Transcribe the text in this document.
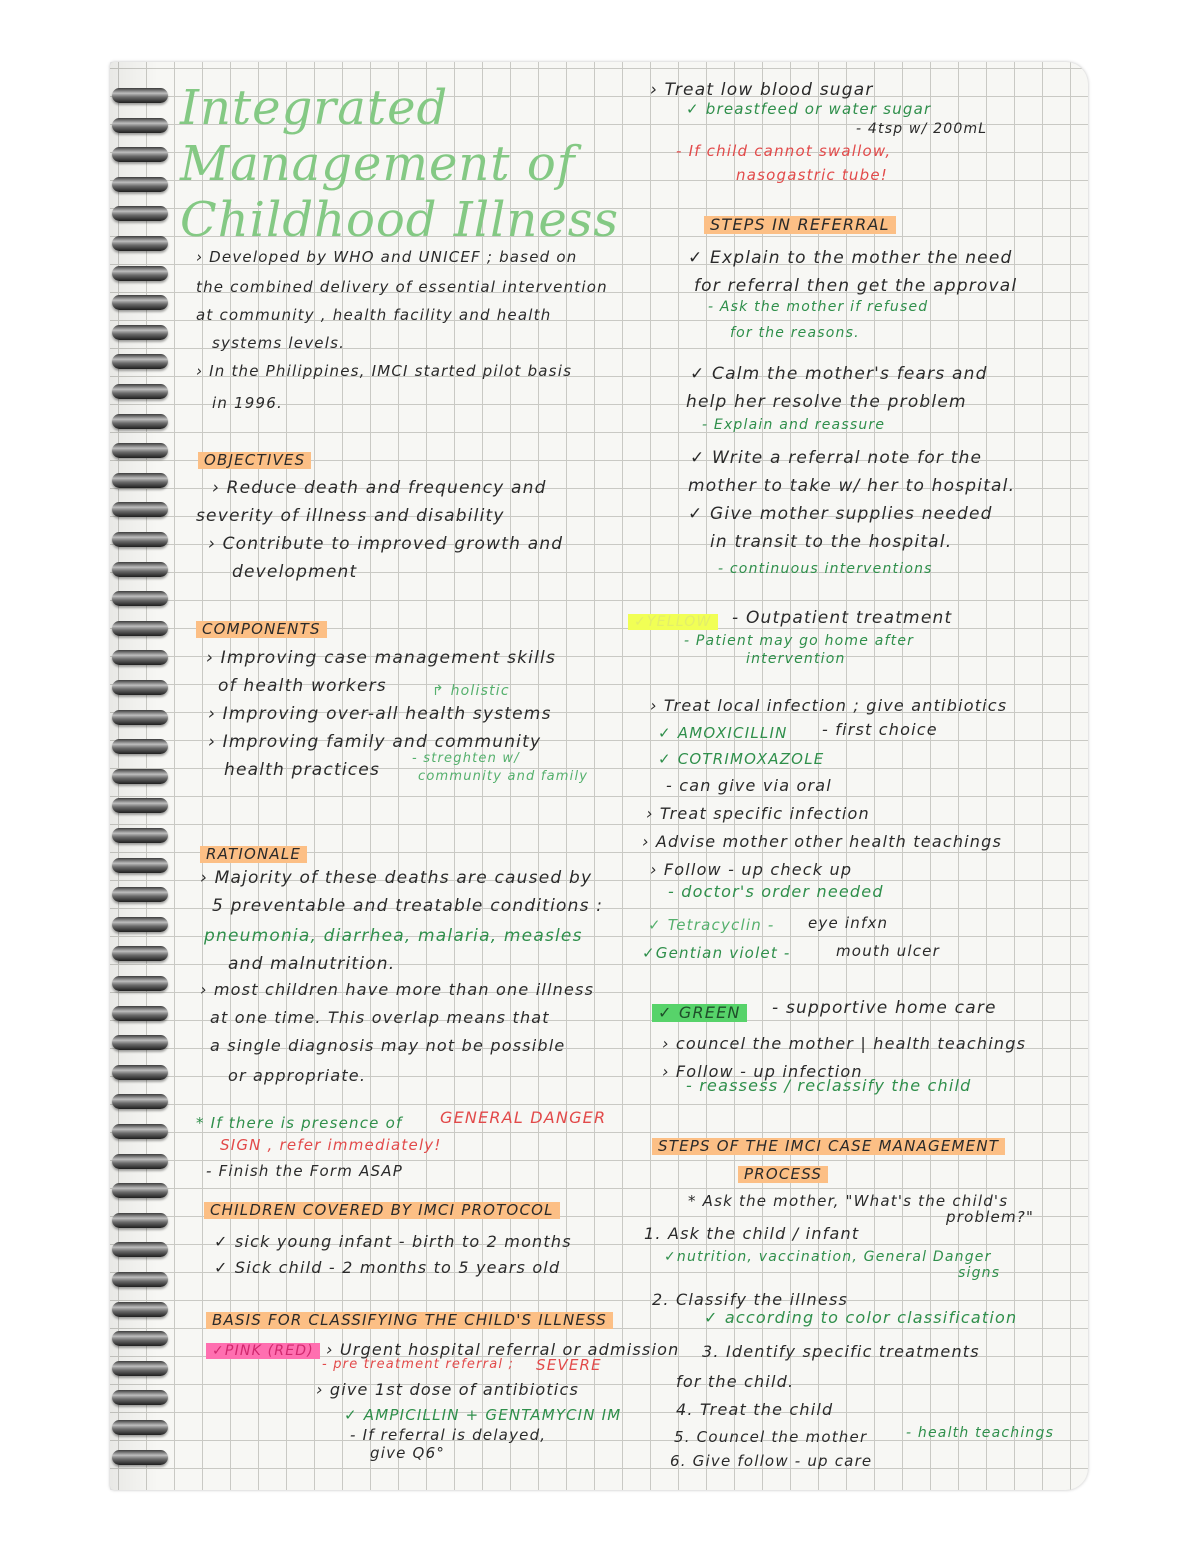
Integrated
Management of
Childhood Illness
› Developed by WHO and UNICEF ; based on
the combined delivery of essential intervention
at community , health facility and health
systems levels.
› In the Philippines, IMCI started pilot basis
in 1996.
OBJECTIVES
› Reduce death and frequency and
severity of illness and disability
› Contribute to improved growth and
development
COMPONENTS
› Improving case management skills
of health workers	↱ holistic
› Improving over-all health systems
› Improving family and community
health practices
- streghten w/
community and family
RATIONALE
› Majority of these deaths are caused by
5 preventable and treatable conditions :
pneumonia, diarrhea, malaria, measles
and malnutrition.
› most children have more than one illness
at one time. This overlap means that
a single diagnosis may not be possible
or appropriate.
* If there is presence of GENERAL DANGER
SIGN , refer immediately!
- Finish the Form ASAP
CHILDREN COVERED BY IMCI PROTOCOL
✓ sick young infant - birth to 2 months
✓ Sick child - 2 months to 5 years old
BASIS FOR CLASSIFYING THE CHILD'S ILLNESS
✓PINK (RED) › Urgent hospital referral or admission
- pre treatment referral ; SEVERE
› give 1st dose of antibiotics
✓ AMPICILLIN + GENTAMYCIN IM
- If referral is delayed,
give Q6°
› Treat low blood sugar
✓ breastfeed or water sugar
- 4tsp w/ 200mL
- If child cannot swallow,
nasogastric tube!
STEPS IN REFERRAL
✓ Explain to the mother the need
for referral then get the approval
- Ask the mother if refused
for the reasons.
✓ Calm the mother's fears and
help her resolve the problem
- Explain and reassure
✓ Write a referral note for the
mother to take w/ her to hospital.
✓ Give mother supplies needed
in transit to the hospital.
- continuous interventions
✓YELLOW	- Outpatient treatment
- Patient may go home after
intervention
› Treat local infection ; give antibiotics
✓ AMOXICILLIN - first choice
✓ COTRIMOXAZOLE
- can give via oral
› Treat specific infection
› Advise mother other health teachings
› Follow - up check up
- doctor's order needed
✓ Tetracyclin - eye infxn
✓Gentian violet -	mouth ulcer
✓ GREEN	- supportive home care
› councel the mother | health teachings
› Follow - up infection
- reassess / reclassify the child
STEPS OF THE IMCI CASE MANAGEMENT
PROCESS
* Ask the mother, "What's the child's
problem?"
1. Ask the child / infant
✓nutrition, vaccination, General Danger
signs
2. Classify the illness
✓ according to color classification
3. Identify specific treatments
for the child.
4. Treat the child
5. Councel the mother	- health teachings
6. Give follow - up care
